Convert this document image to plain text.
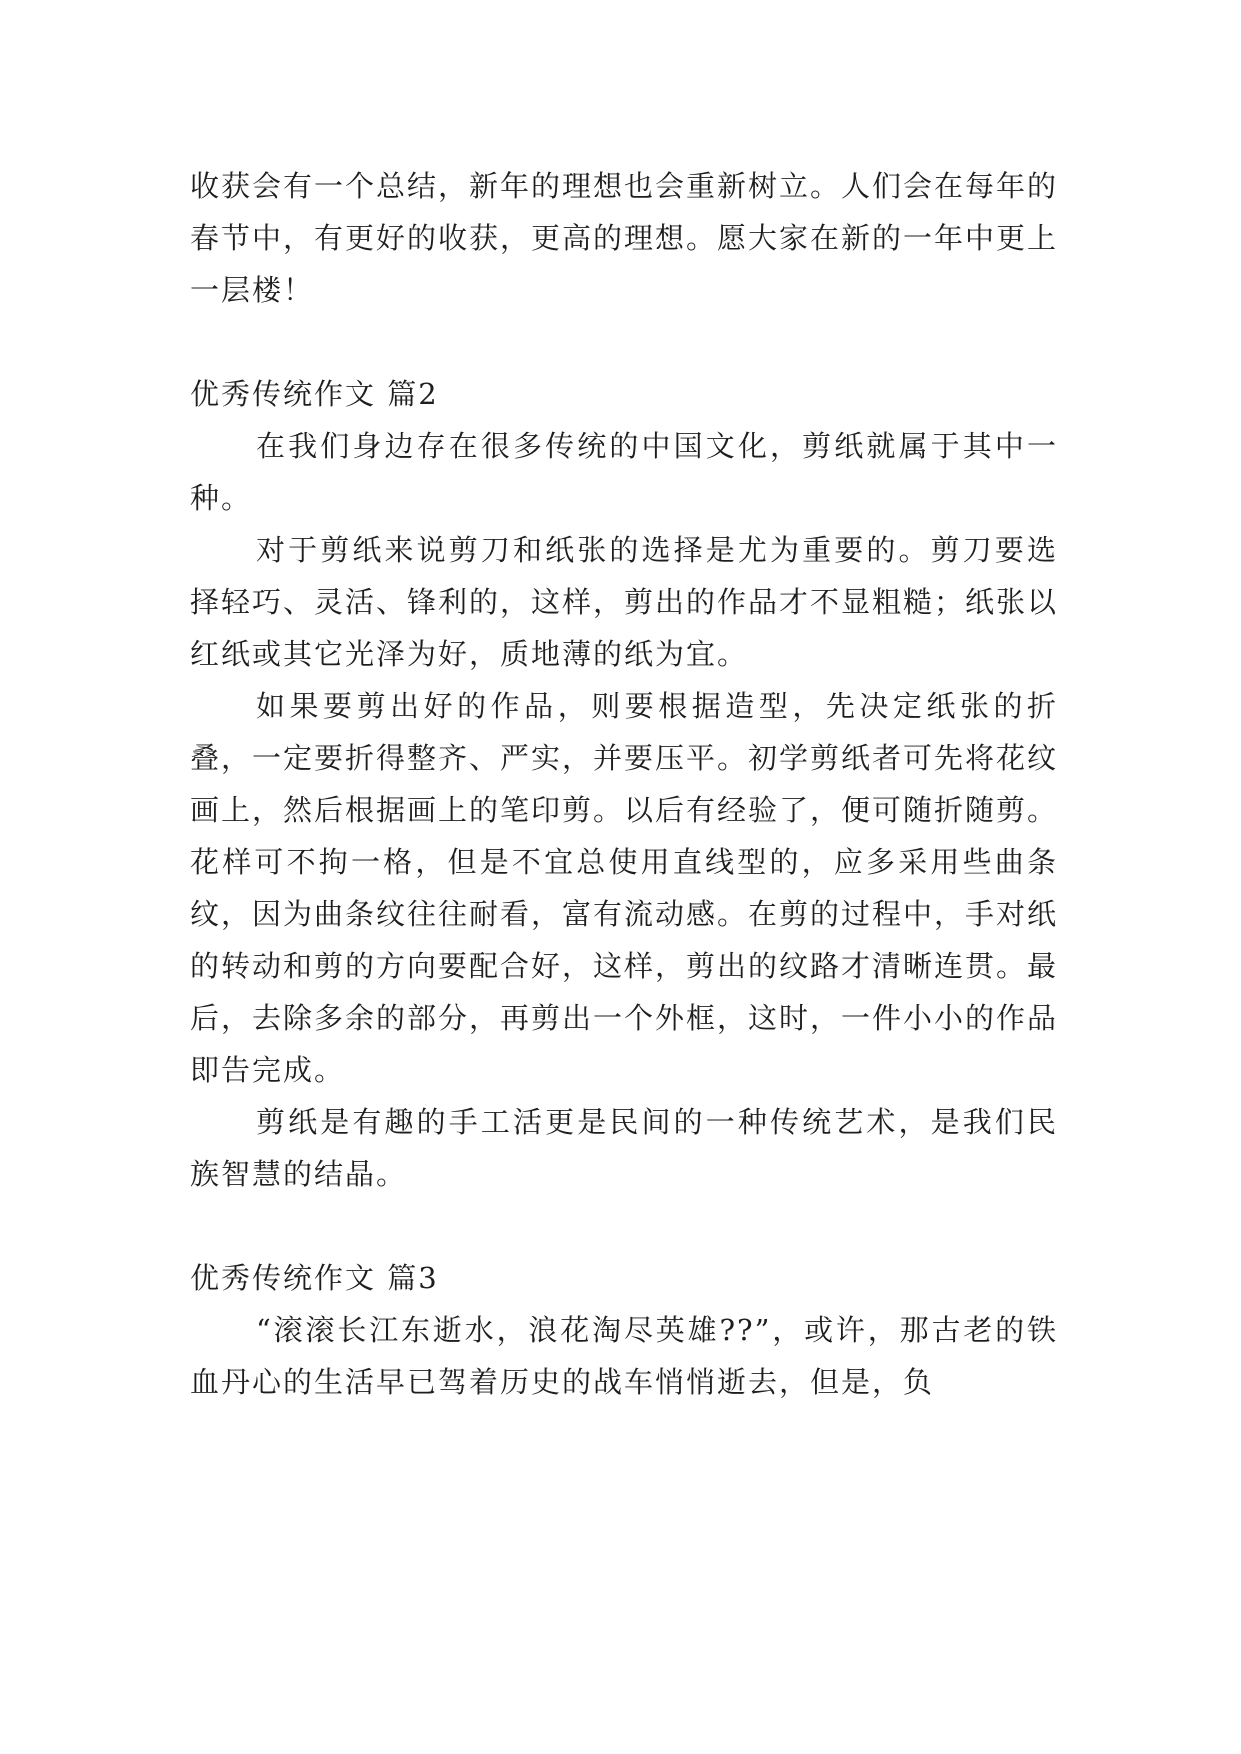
收获会有一个总结，新年的理想也会重新树立。人们会在每年的春节中，有更好的收获，更高的理想。愿大家在新的一年中更上一层楼！

优秀传统作文 篇2

在我们身边存在很多传统的中国文化，剪纸就属于其中一种。

对于剪纸来说剪刀和纸张的选择是尤为重要的。剪刀要选择轻巧、灵活、锋利的，这样，剪出的作品才不显粗糙；纸张以红纸或其它光泽为好，质地薄的纸为宜。

如果要剪出好的作品，则要根据造型，先决定纸张的折叠，一定要折得整齐、严实，并要压平。初学剪纸者可先将花纹画上，然后根据画上的笔印剪。以后有经验了，便可随折随剪。花样可不拘一格，但是不宜总使用直线型的，应多采用些曲条纹，因为曲条纹往往耐看，富有流动感。在剪的过程中，手对纸的转动和剪的方向要配合好，这样，剪出的纹路才清晰连贯。最后，去除多余的部分，再剪出一个外框，这时，一件小小的作品即告完成。

剪纸是有趣的手工活更是民间的一种传统艺术，是我们民族智慧的结晶。

优秀传统作文 篇3

“滚滚长江东逝水，浪花淘尽英雄??”，或许，那古老的铁血丹心的生活早已驾着历史的战车悄悄逝去，但是，负
